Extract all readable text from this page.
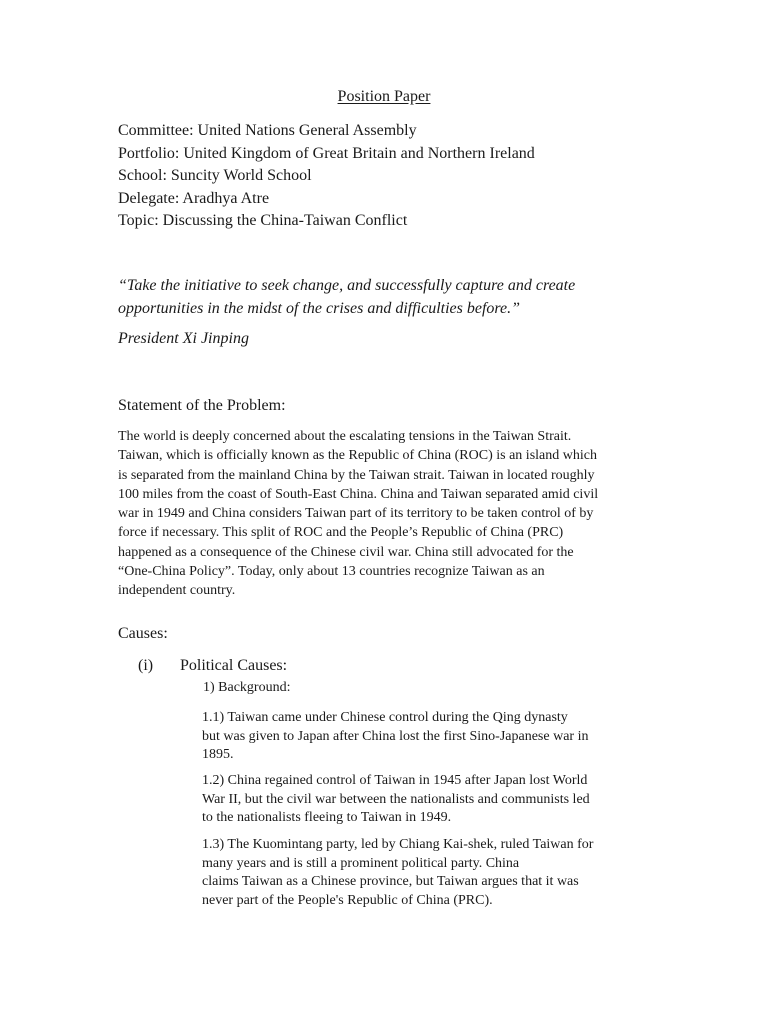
Position Paper
Committee: United Nations General Assembly
Portfolio: United Kingdom of Great Britain and Northern Ireland
School: Suncity World School
Delegate: Aradhya Atre
Topic: Discussing the China-Taiwan Conflict
“Take the initiative to seek change, and successfully capture and create
opportunities in the midst of the crises and difficulties before.”
President Xi Jinping
Statement of the Problem:
The world is deeply concerned about the escalating tensions in the Taiwan Strait.
Taiwan, which is officially known as the Republic of China (ROC) is an island which
is separated from the mainland China by the Taiwan strait. Taiwan in located roughly
100 miles from the coast of South-East China. China and Taiwan separated amid civil
war in 1949 and China considers Taiwan part of its territory to be taken control of by
force if necessary. This split of ROC and the People’s Republic of China (PRC)
happened as a consequence of the Chinese civil war. China still advocated for the
“One-China Policy”. Today, only about 13 countries recognize Taiwan as an
independent country.
Causes:
(i) Political Causes:
1) Background:
1.1) Taiwan came under Chinese control during the Qing dynasty
but was given to Japan after China lost the first Sino-Japanese war in
1895.
1.2) China regained control of Taiwan in 1945 after Japan lost World
War II, but the civil war between the nationalists and communists led
to the nationalists fleeing to Taiwan in 1949.
1.3) The Kuomintang party, led by Chiang Kai-shek, ruled Taiwan for
many years and is still a prominent political party. China
claims Taiwan as a Chinese province, but Taiwan argues that it was
never part of the People's Republic of China (PRC).
